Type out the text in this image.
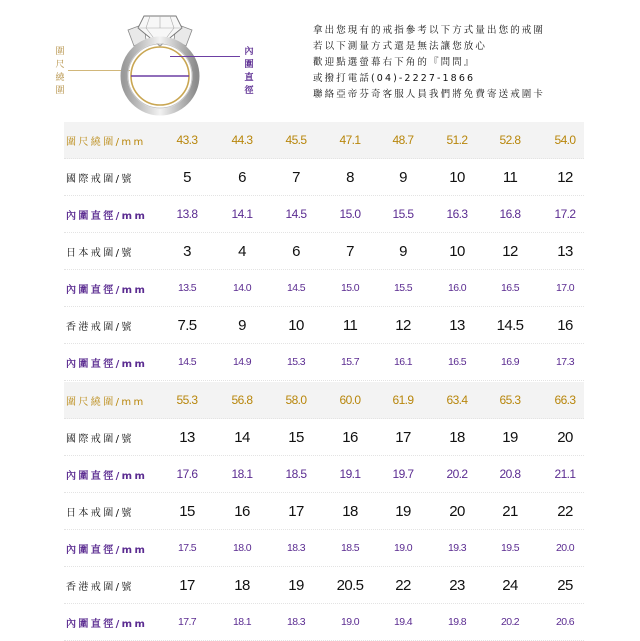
圍
尺
繞
圍
內
圍
直
徑
拿出您現有的戒指參考以下方式量出您的戒圍
若以下測量方式還是無法讓您放心
歡迎點選螢幕右下角的『問問』
或撥打電話(04)-2227-1866
聯絡亞帝芬奇客服人員我們將免費寄送戒圍卡
圍尺繞圍/mm	43.3	44.3	45.5	47.1	48.7	51.2	52.8	54.0
國際戒圍/號	5	6	7	8	9	10	11	12
內圍直徑/mm	13.8	14.1	14.5	15.0	15.5	16.3	16.8	17.2
日本戒圍/號	3	4	6	7	9	10	12	13
內圍直徑/mm	13.5	14.0	14.5	15.0	15.5	16.0	16.5	17.0
香港戒圍/號	7.5	9	10	11	12	13	14.5	16
內圍直徑/mm	14.5	14.9	15.3	15.7	16.1	16.5	16.9	17.3
圍尺繞圍/mm	55.3	56.8	58.0	60.0	61.9	63.4	65.3	66.3
國際戒圍/號	13	14	15	16	17	18	19	20
內圍直徑/mm	17.6	18.1	18.5	19.1	19.7	20.2	20.8	21.1
日本戒圍/號	15	16	17	18	19	20	21	22
內圍直徑/mm	17.5	18.0	18.3	18.5	19.0	19.3	19.5	20.0
香港戒圍/號	17	18	19	20.5	22	23	24	25
內圍直徑/mm	17.7	18.1	18.3	19.0	19.4	19.8	20.2	20.6
